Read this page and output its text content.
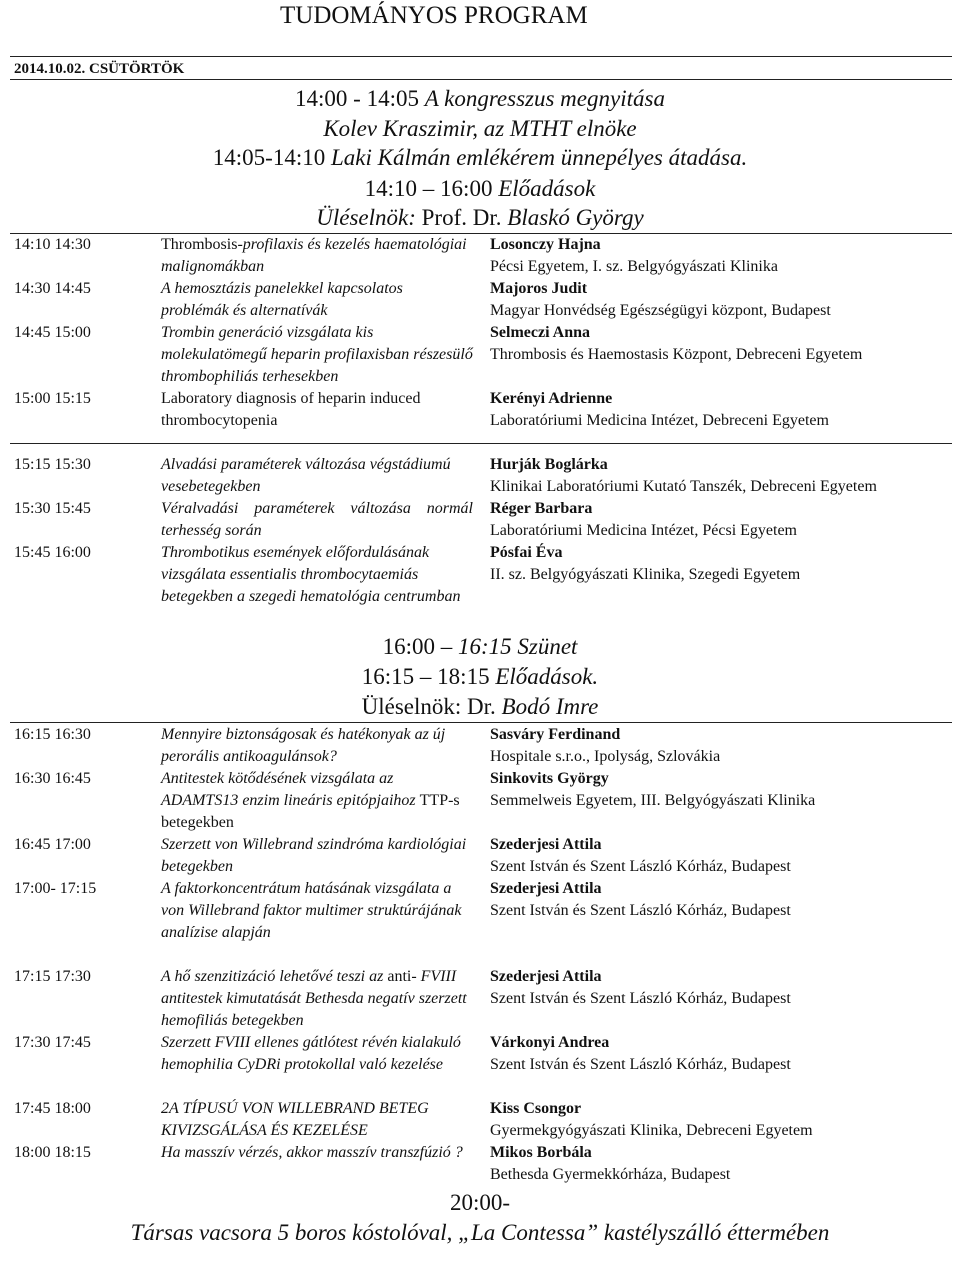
TUDOMÁNYOS PROGRAM
2014.10.02. CSÜTÖRTÖK
14:00 - 14:05 A kongresszus megnyitása
Kolev Kraszimir, az MTHT elnöke
14:05-14:10 Laki Kálmán emlékérem ünnepélyes átadása.
14:10 – 16:00 Előadások
Üléselnök: Prof. Dr. Blaskó György
14:10 14:30	Thrombosis-profilaxis és kezelés haematológiai malignomákban
Losonczy Hajna
Pécsi Egyetem, I. sz. Belgyógyászati Klinika
14:30 14:45	A hemosztázis panelekkel kapcsolatos problémák és alternatívák
Majoros Judit
Magyar Honvédség Egészségügyi központ, Budapest
14:45 15:00	Trombin generáció vizsgálata kis molekulatömegű heparin profilaxisban részesülő thrombophiliás terhesekben
Selmeczi Anna
Thrombosis és Haemostasis Központ, Debreceni Egyetem
15:00 15:15	Laboratory diagnosis of heparin induced thrombocytopenia
Kerényi Adrienne
Laboratóriumi Medicina Intézet, Debreceni Egyetem
15:15 15:30	Alvadási paraméterek változása végstádiumú vesebetegekben
Hurják Boglárka
Klinikai Laboratóriumi Kutató Tanszék, Debreceni Egyetem
15:30 15:45	Véralvadási paraméterek változása normál terhesség során
Réger Barbara
Laboratóriumi Medicina Intézet, Pécsi Egyetem
15:45 16:00	Thrombotikus események előfordulásának vizsgálata essentialis thrombocytaemiás betegekben a szegedi hematológia centrumban
Pósfai Éva
II. sz. Belgyógyászati Klinika, Szegedi Egyetem
16:00 – 16:15 Szünet
16:15 – 18:15 Előadások.
Üléselnök: Dr. Bodó Imre
16:15 16:30	Mennyire biztonságosak és hatékonyak az új perorális antikoagulánsok?
Sasváry Ferdinand
Hospitale s.r.o., Ipolyság, Szlovákia
16:30 16:45	Antitestek kötődésének vizsgálata az ADAMTS13 enzim lineáris epitópjaihoz TTP-s betegekben
Sinkovits György
Semmelweis Egyetem, III. Belgyógyászati Klinika
16:45 17:00	Szerzett von Willebrand szindróma kardiológiai betegekben
Szederjesi Attila
Szent István és Szent László Kórház, Budapest
17:00- 17:15	A faktorkoncentrátum hatásának vizsgálata a von Willebrand faktor multimer struktúrájának analízise alapján
Szederjesi Attila
Szent István és Szent László Kórház, Budapest
17:15 17:30	A hő szenzitizáció lehetővé teszi az anti- FVIII antitestek kimutatását Bethesda negatív szerzett hemofiliás betegekben
Szederjesi Attila
Szent István és Szent László Kórház, Budapest
17:30 17:45	Szerzett FVIII ellenes gátlótest révén kialakuló hemophilia CyDRi protokollal való kezelése
Várkonyi Andrea
Szent István és Szent László Kórház, Budapest
17:45 18:00	2A TÍPUSÚ VON WILLEBRAND BETEG KIVIZSGÁLÁSA ÉS KEZELÉSE
Kiss Csongor
Gyermekgyógyászati Klinika, Debreceni Egyetem
18:00 18:15	Ha masszív vérzés, akkor masszív transzfúzió ?	Mikos Borbála
Bethesda Gyermekkórháza, Budapest
20:00-
Társas vacsora 5 boros kóstolóval, „La Contessa” kastélyszálló éttermében
